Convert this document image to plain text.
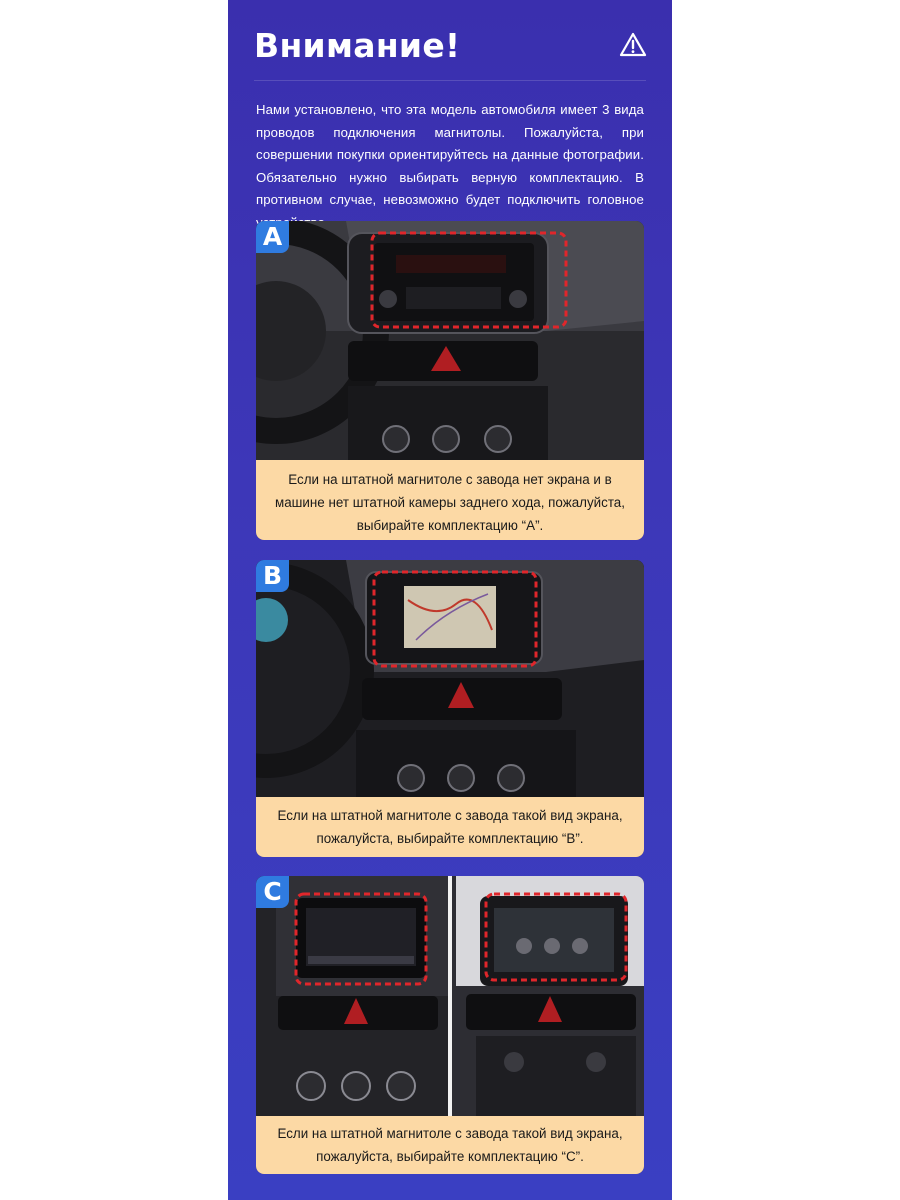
Внимание!
Нами установлено, что эта модель автомобиля имеет 3 вида проводов подключения магнитолы. Пожалуйста, при совершении покупки ориентируйтесь на данные фотографии. Обязательно нужно выбирать верную комплектацию. В противном случае, невозможно будет подключить головное
A
Если на штатной магнитоле с завода нет экрана и в машине нет штатной камеры заднего хода, пожалуйста, выбирайте комплектацию “A”.
B
Если на штатной магнитоле с завода такой вид экрана, пожалуйста, выбирайте комплектацию “B”.
C
Если на штатной магнитоле с завода такой вид экрана, пожалуйста, выбирайте комплектацию “C”.
